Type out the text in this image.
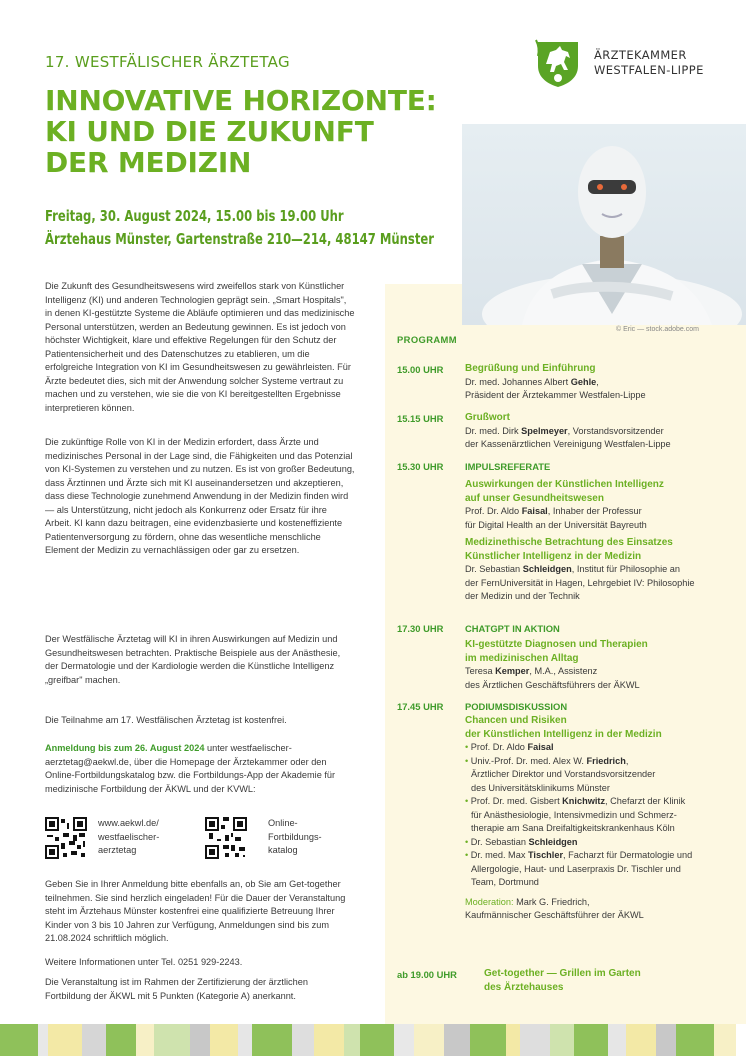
17. WESTFÄLISCHER ÄRZTETAG
INNOVATIVE HORIZONTE:
KI UND DIE ZUKUNFT
DER MEDIZIN
Freitag, 30. August 2024, 15.00 bis 19.00 Uhr
Ärztehaus Münster, Gartenstraße 210—214, 48147 Münster
ÄRZTEKAMMER
WESTFALEN-LIPPE
© Eric — stock.adobe.com

Die Zukunft des Gesundheitswesens wird zweifellos stark von Künstlicher Intelligenz (KI) und anderen Technologien geprägt sein. „Smart Hospitals", in denen KI-gestützte Systeme die Abläufe optimieren und das medizinische Personal unterstützen, werden an Bedeutung gewinnen. Es ist jedoch von höchster Wichtigkeit, klare und effektive Regelungen für den Schutz der Patientensicherheit und des Datenschutzes zu etablieren, um die erfolgreiche Integration von KI im Gesundheitswesen zu gewährleisten. Für Ärzte bedeutet dies, sich mit der Anwendung solcher Systeme vertraut zu machen und zu verstehen, wie sie die von KI bereitgestellten Ergebnisse interpretieren können.

Die zukünftige Rolle von KI in der Medizin erfordert, dass Ärzte und medizinisches Personal in der Lage sind, die Fähigkeiten und das Potenzial von KI-Systemen zu verstehen und zu nutzen. Es ist von großer Bedeutung, dass Ärztinnen und Ärzte sich mit KI auseinandersetzen und akzeptieren, dass diese Technologie zunehmend Anwendung in der Medizin finden wird — als Unterstützung, nicht jedoch als Konkurrenz oder Ersatz für ihre Arbeit. KI kann dazu beitragen, eine evidenzbasierte und kosteneffiziente Patientenversorgung zu fördern, ohne das wesentliche menschliche Element der Medizin zu vernachlässigen oder gar zu ersetzen.

Der Westfälische Ärztetag will KI in ihren Auswirkungen auf Medizin und Gesundheitswesen betrachten. Praktische Beispiele aus der Anästhesie, der Dermatologie und der Kardiologie werden die Künstliche Intelligenz „greifbar" machen.

Die Teilnahme am 17. Westfälischen Ärztetag ist kostenfrei.

Anmeldung bis zum 26. August 2024 unter westfaelischer-aerztetag@aekwl.de, über die Homepage der Ärztekammer oder den Online-Fortbildungskatalog bzw. die Fortbildungs-App der Akademie für medizinische Fortbildung der ÄKWL und der KVWL:

www.aekwl.de/
westfaelischer-
aerztetag
Online-
Fortbildungs-
katalog

Geben Sie in Ihrer Anmeldung bitte ebenfalls an, ob Sie am Get-together teilnehmen. Sie sind herzlich eingeladen! Für die Dauer der Veranstaltung steht im Ärztehaus Münster kostenfrei eine qualifizierte Betreuung Ihrer Kinder von 3 bis 10 Jahren zur Verfügung, Anmeldungen sind bis zum 21.08.2024 schriftlich möglich.

Weitere Informationen unter Tel. 0251 929-2243.

Die Veranstaltung ist im Rahmen der Zertifizierung der ärztlichen Fortbildung der ÄKWL mit 5 Punkten (Kategorie A) anerkannt.

PROGRAMM
15.00 UHR Begrüßung und Einführung
Dr. med. Johannes Albert Gehle,
Präsident der Ärztekammer Westfalen-Lippe
15.15 UHR Grußwort
Dr. med. Dirk Spelmeyer, Vorstandsvorsitzender
der Kassenärztlichen Vereinigung Westfalen-Lippe
15.30 UHR IMPULSREFERATE
Auswirkungen der Künstlichen Intelligenz
auf unser Gesundheitswesen
Prof. Dr. Aldo Faisal, Inhaber der Professur
für Digital Health an der Universität Bayreuth
Medizinethische Betrachtung des Einsatzes
Künstlicher Intelligenz in der Medizin
Dr. Sebastian Schleidgen, Institut für Philosophie an
der FernUniversität in Hagen, Lehrgebiet IV: Philosophie
der Medizin und der Technik
17.30 UHR CHATGPT IN AKTION
KI-gestützte Diagnosen und Therapien
im medizinischen Alltag
Teresa Kemper, M.A., Assistenz
des Ärztlichen Geschäftsführers der ÄKWL
17.45 UHR PODIUMSDISKUSSION
Chancen und Risiken
der Künstlichen Intelligenz in der Medizin
• Prof. Dr. Aldo Faisal
• Univ.-Prof. Dr. med. Alex W. Friedrich,
Ärztlicher Direktor und Vorstandsvorsitzender
des Universitätsklinikums Münster
• Prof. Dr. med. Gisbert Knichwitz, Chefarzt der Klinik
für Anästhesiologie, Intensivmedizin und Schmerz-
therapie am Sana Dreifaltigkeitskrankenhaus Köln
• Dr. Sebastian Schleidgen
• Dr. med. Max Tischler, Facharzt für Dermatologie und
Allergologie, Haut- und Laserpraxis Dr. Tischler und
Team, Dortmund
Moderation: Mark G. Friedrich,
Kaufmännischer Geschäftsführer der ÄKWL
ab 19.00 UHR	Get-together — Grillen im Garten
des Ärztehauses
